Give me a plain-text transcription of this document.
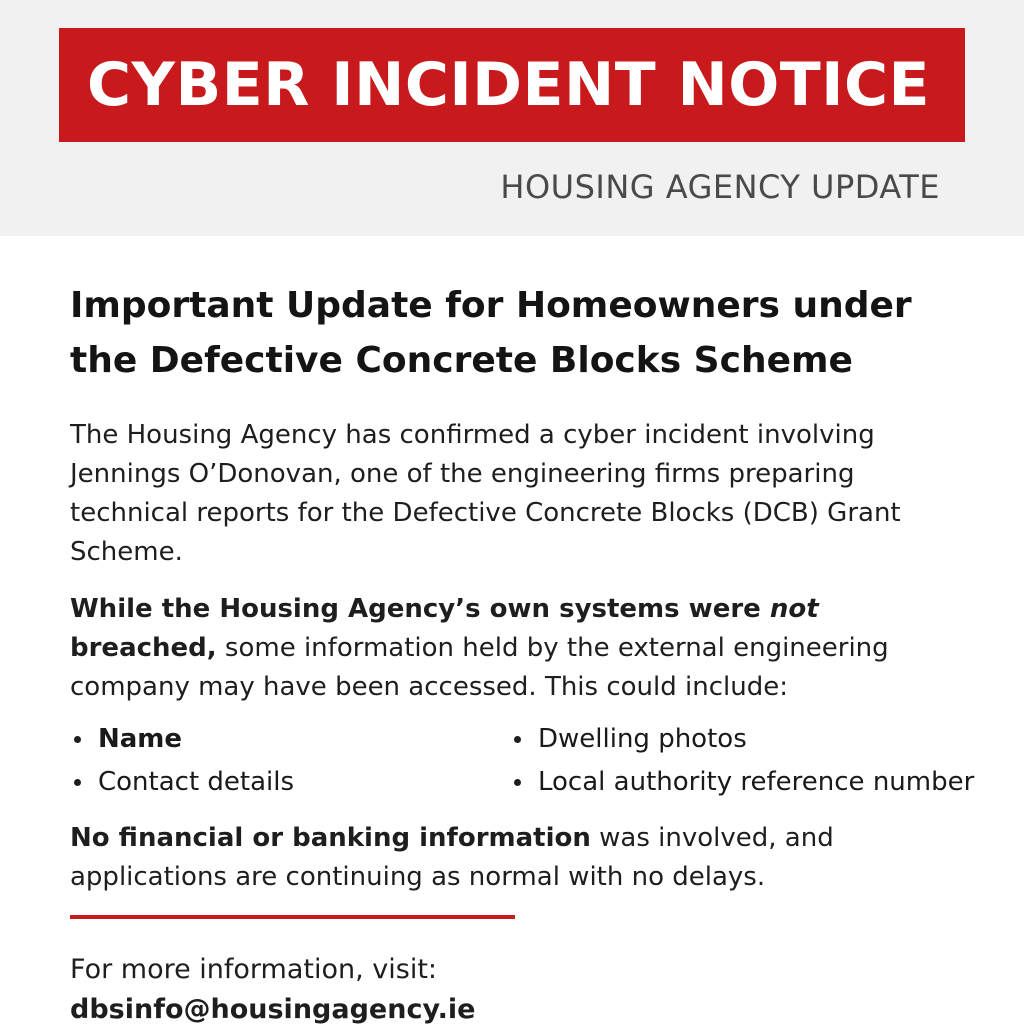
CYBER INCIDENT NOTICE
HOUSING AGENCY UPDATE
Important Update for Homeowners under the Defective Concrete Blocks Scheme

The Housing Agency has confirmed a cyber incident involving Jennings O’Donovan, one of the engineering firms preparing technical reports for the Defective Concrete Blocks (DCB) Grant Scheme.

While the Housing Agency’s own systems were not breached, some information held by the external engineering company may have been accessed. This could include:

Name	Dwelling photos
Contact details	Local authority reference number

No financial or banking information was involved, and applications are continuing as normal with no delays.

For more information, visit:
dbsinfo@housingagency.ie
